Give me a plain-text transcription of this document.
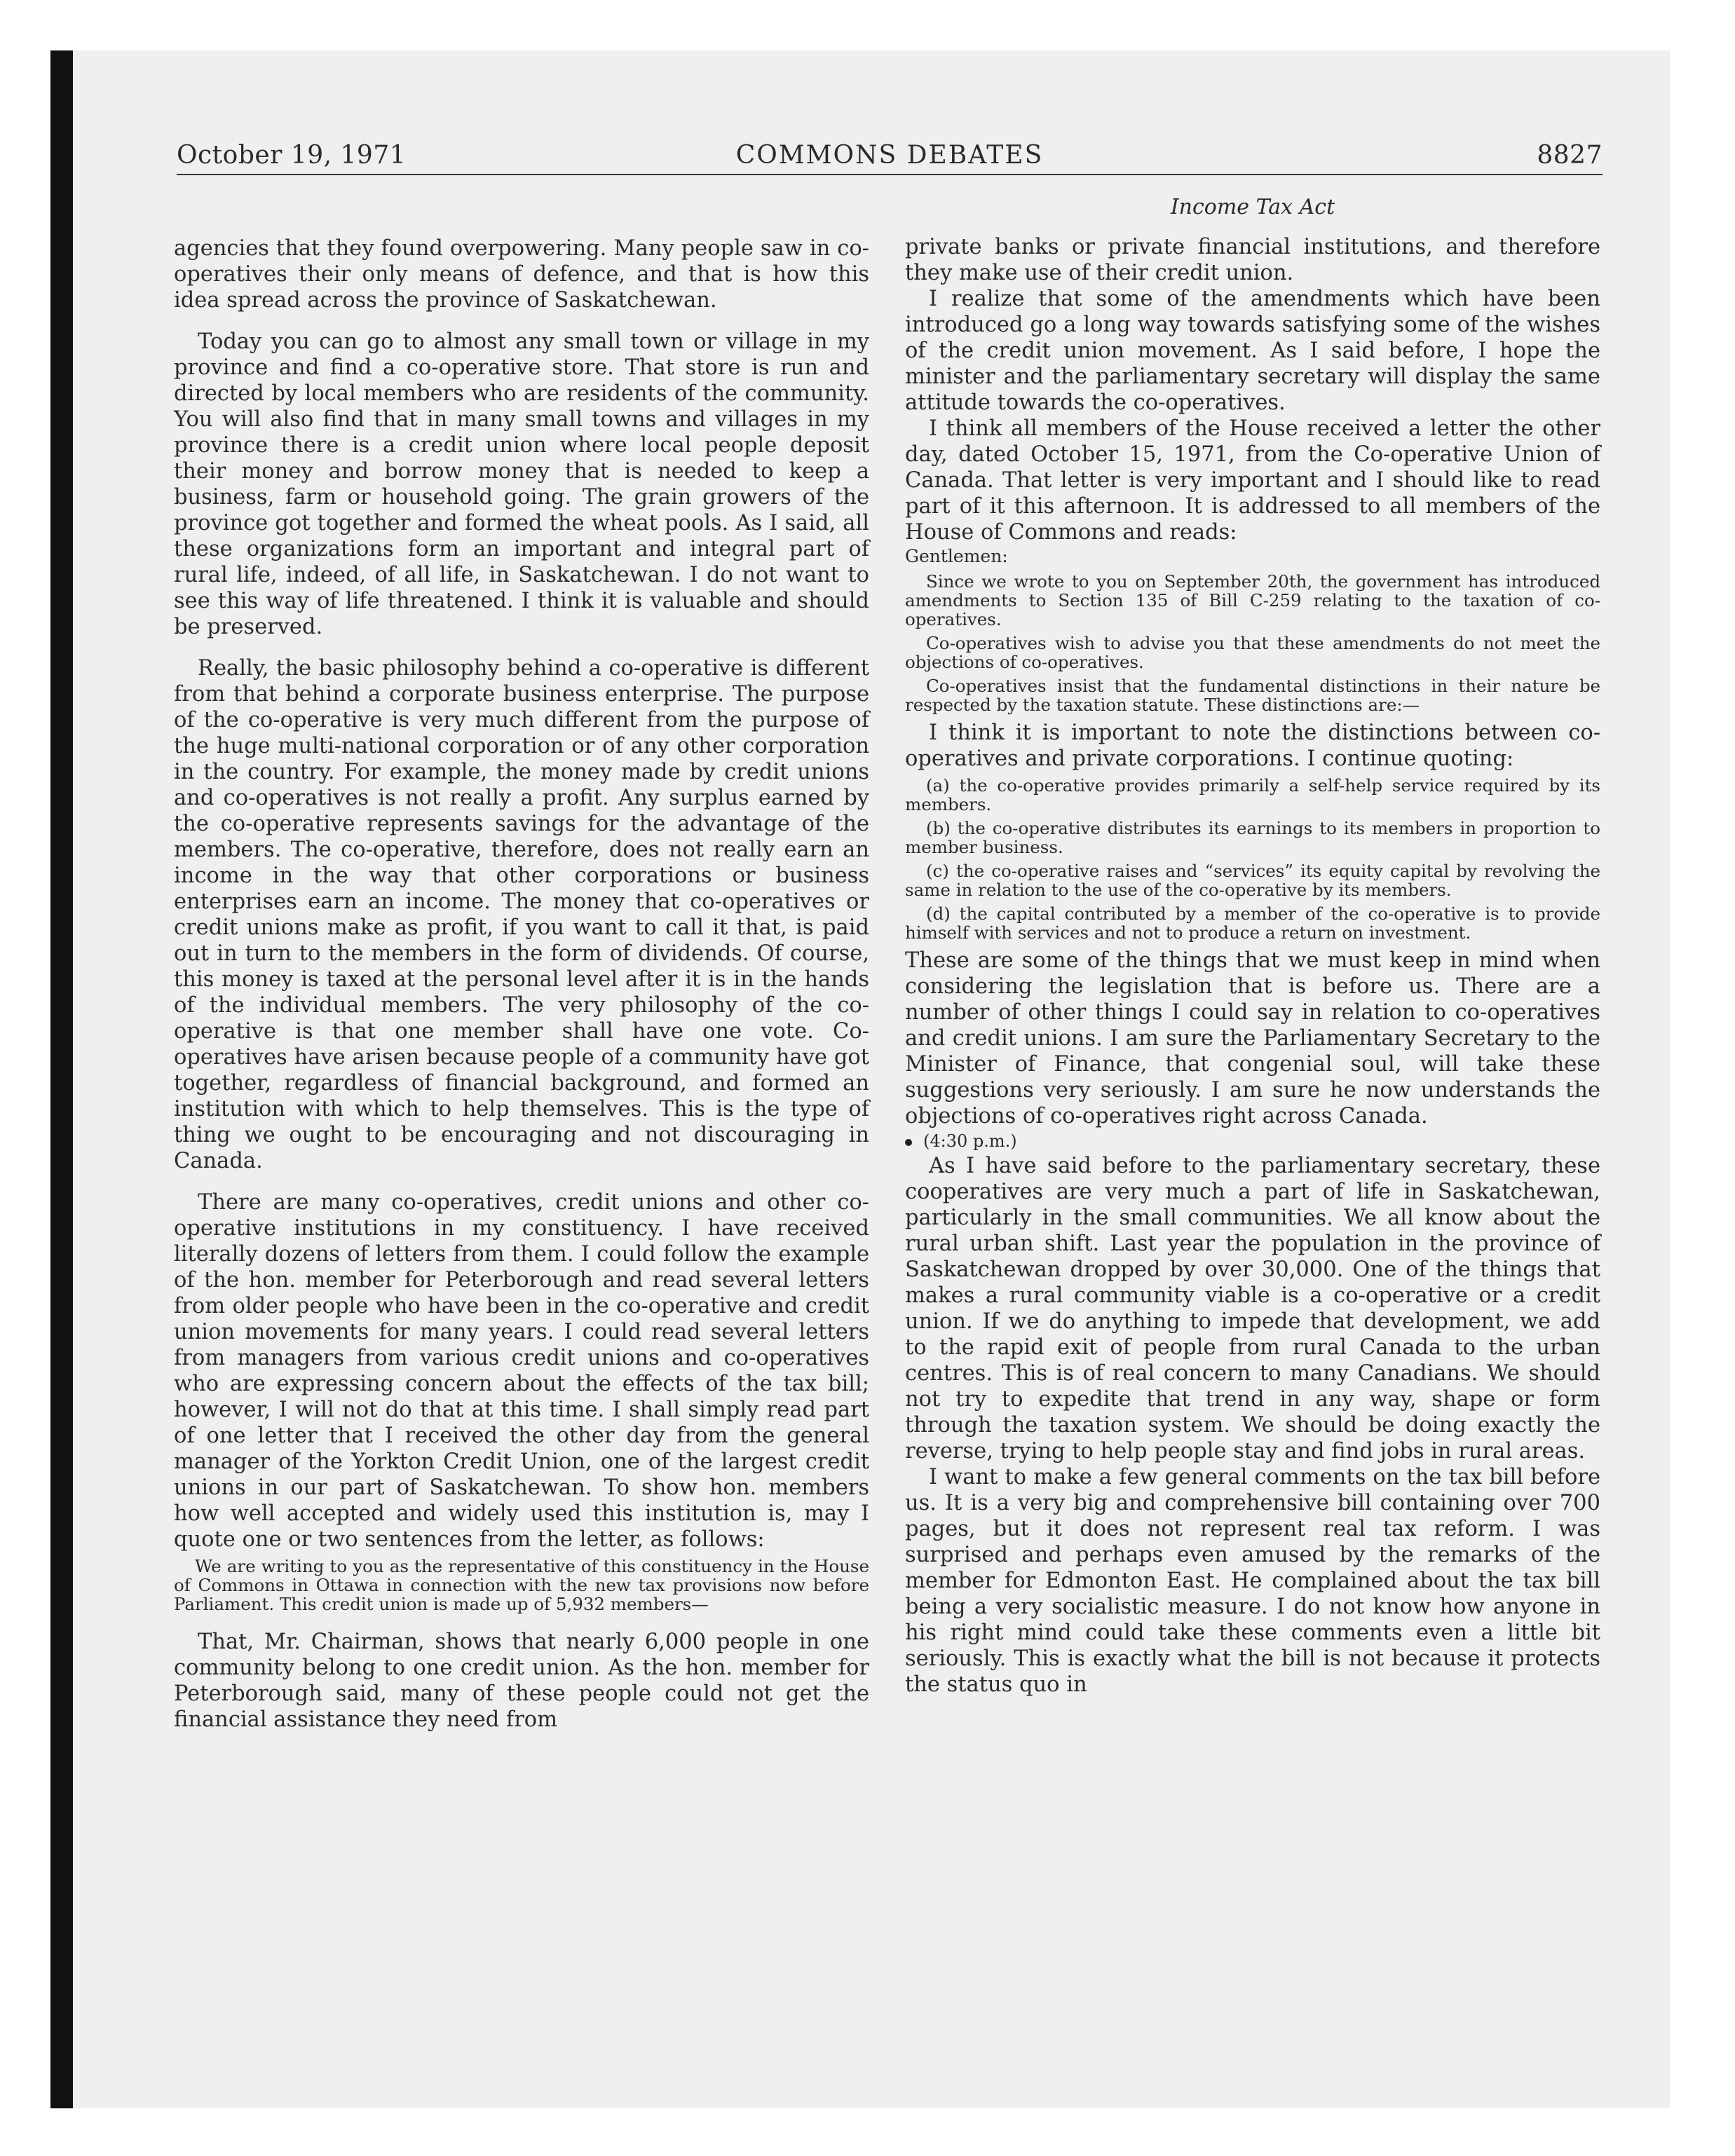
October 19, 1971	COMMONS DEBATES	8827

agencies that they found overpowering. Many people saw in co-operatives their only means of defence, and that is how this idea spread across the province of Saskatchewan.

Today you can go to almost any small town or village in my province and find a co-operative store. That store is run and directed by local members who are residents of the community. You will also find that in many small towns and villages in my province there is a credit union where local people deposit their money and borrow money that is needed to keep a business, farm or household going. The grain growers of the province got together and formed the wheat pools. As I said, all these organizations form an important and integral part of rural life, indeed, of all life, in Saskatchewan. I do not want to see this way of life threatened. I think it is valuable and should be preserved.

Really, the basic philosophy behind a co-operative is different from that behind a corporate business enterprise. The purpose of the co-operative is very much different from the purpose of the huge multi-national corporation or of any other corporation in the country. For example, the money made by credit unions and co-operatives is not really a profit. Any surplus earned by the co-operative represents savings for the advantage of the members. The co-operative, therefore, does not really earn an income in the way that other corporations or business enterprises earn an income. The money that co-operatives or credit unions make as profit, if you want to call it that, is paid out in turn to the members in the form of dividends. Of course, this money is taxed at the personal level after it is in the hands of the individual members. The very philosophy of the co-operative is that one member shall have one vote. Co-operatives have arisen because people of a community have got together, regardless of financial background, and formed an institution with which to help themselves. This is the type of thing we ought to be encouraging and not discouraging in Canada.

There are many co-operatives, credit unions and other co-operative institutions in my constituency. I have received literally dozens of letters from them. I could follow the example of the hon. member for Peterborough and read several letters from older people who have been in the co-operative and credit union movements for many years. I could read several letters from managers from various credit unions and co-operatives who are expressing concern about the effects of the tax bill; however, I will not do that at this time. I shall simply read part of one letter that I received the other day from the general manager of the Yorkton Credit Union, one of the largest credit unions in our part of Saskatchewan. To show hon. members how well accepted and widely used this institution is, may I quote one or two sentences from the letter, as follows:

We are writing to you as the representative of this constituency in the House of Commons in Ottawa in connection with the new tax provisions now before Parliament. This credit union is made up of 5,932 members—

That, Mr. Chairman, shows that nearly 6,000 people in one community belong to one credit union. As the hon. member for Peterborough said, many of these people could not get the financial assistance they need from

Income Tax Act

private banks or private financial institutions, and therefore they make use of their credit union.

I realize that some of the amendments which have been introduced go a long way towards satisfying some of the wishes of the credit union movement. As I said before, I hope the minister and the parliamentary secretary will display the same attitude towards the co-operatives.

I think all members of the House received a letter the other day, dated October 15, 1971, from the Co-operative Union of Canada. That letter is very important and I should like to read part of it this afternoon. It is addressed to all members of the House of Commons and reads:

Gentlemen:

Since we wrote to you on September 20th, the government has introduced amendments to Section 135 of Bill C-259 relating to the taxation of co-operatives.

Co-operatives wish to advise you that these amendments do not meet the objections of co-operatives.

Co-operatives insist that the fundamental distinctions in their nature be respected by the taxation statute. These distinctions are:—

I think it is important to note the distinctions between co-operatives and private corporations. I continue quoting:

(a) the co-operative provides primarily a self-help service required by its members.

(b) the co-operative distributes its earnings to its members in proportion to member business.

(c) the co-operative raises and “services” its equity capital by revolving the same in relation to the use of the co-operative by its members.

(d) the capital contributed by a member of the co-operative is to provide himself with services and not to produce a return on investment.

These are some of the things that we must keep in mind when considering the legislation that is before us. There are a number of other things I could say in relation to co-operatives and credit unions. I am sure the Parliamentary Secretary to the Minister of Finance, that congenial soul, will take these suggestions very seriously. I am sure he now understands the objections of co-operatives right across Canada.

(4:30 p.m.)

As I have said before to the parliamentary secretary, these cooperatives are very much a part of life in Saskatchewan, particularly in the small communities. We all know about the rural urban shift. Last year the population in the province of Saskatchewan dropped by over 30,000. One of the things that makes a rural community viable is a co-operative or a credit union. If we do anything to impede that development, we add to the rapid exit of people from rural Canada to the urban centres. This is of real concern to many Canadians. We should not try to expedite that trend in any way, shape or form through the taxation system. We should be doing exactly the reverse, trying to help people stay and find jobs in rural areas.

I want to make a few general comments on the tax bill before us. It is a very big and comprehensive bill containing over 700 pages, but it does not represent real tax reform. I was surprised and perhaps even amused by the remarks of the member for Edmonton East. He complained about the tax bill being a very socialistic measure. I do not know how anyone in his right mind could take these comments even a little bit seriously. This is exactly what the bill is not because it protects the status quo in
